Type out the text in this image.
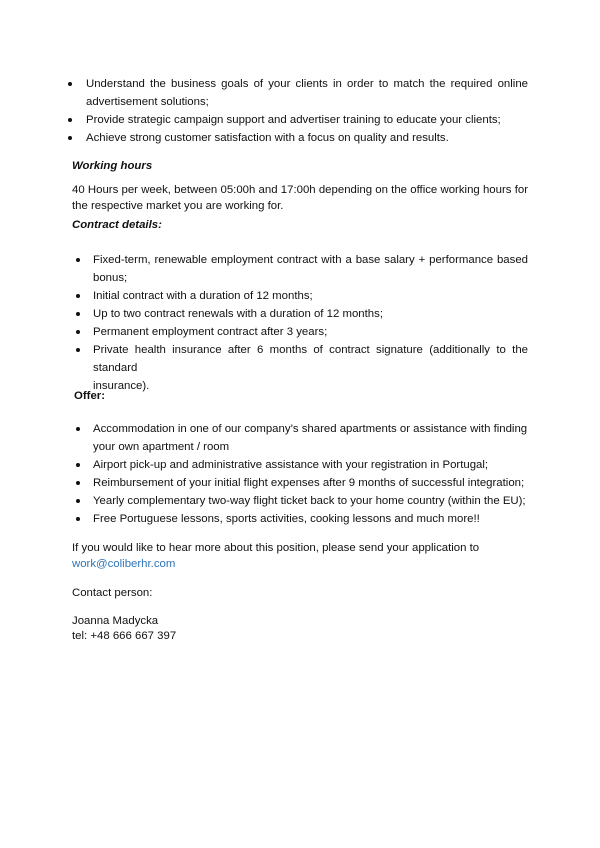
Understand the business goals of your clients in order to match the required online
advertisement solutions;
Provide strategic campaign support and advertiser training to educate your clients;
Achieve strong customer satisfaction with a focus on quality and results.
Working hours
40 Hours per week, between 05:00h and 17:00h depending on the office working hours for
the respective market you are working for.
Contract details:
Fixed-term, renewable employment contract with a base salary + performance based
bonus;
Initial contract with a duration of 12 months;
Up to two contract renewals with a duration of 12 months;
Permanent employment contract after 3 years;
Private health insurance after 6 months of contract signature (additionally to the standard
insurance).
Offer:
Accommodation in one of our company’s shared apartments or assistance with finding
your own apartment / room
Airport pick-up and administrative assistance with your registration in Portugal;
Reimbursement of your initial flight expenses after 9 months of successful integration;
Yearly complementary two-way flight ticket back to your home country (within the EU);
Free Portuguese lessons, sports activities, cooking lessons and much more!!
If you would like to hear more about this position, please send your application to
work@coliberhr.com
Contact person:
Joanna Madycka
tel: +48 666 667 397
